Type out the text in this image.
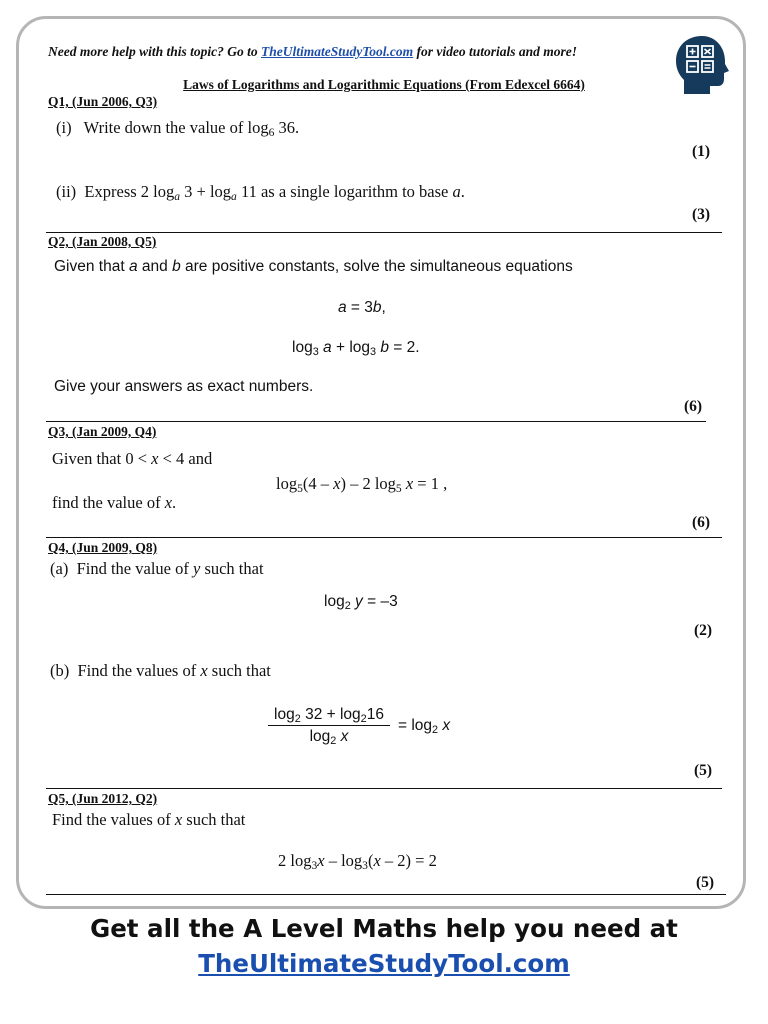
Need more help with this topic? Go to TheUltimateStudyTool.com for video tutorials and more!
Laws of Logarithms and Logarithmic Equations (From Edexcel 6664)
Q1, (Jun 2006, Q3)
(i) Write down the value of $\log_6 36$.
(1)
(ii) Express 2 $\log_a 3 + \log_a 11$ as a single logarithm to base a.
(3)
Q2, (Jan 2008, Q5)
Given that a and b are positive constants, solve the simultaneous equations
a = 3b,
$\log_3 a + \log_3 b = 2$.
Give your answers as exact numbers.
(6)
Q3, (Jan 2009, Q4)
Given that 0 < x < 4 and
$\log_5(4 - x) - 2$ $\log_5 x = 1$ ,
find the value of x.
(6)
Q4, (Jun 2009, Q8)
(a) Find the value of y such that
$\log_2 y = -3$
(2)
(b) Find the values of x such that
$\frac{\log_2 32 + \log_216}{\log_2 x} = \log_2 x$
(5)
Q5, (Jun 2012, Q2)
Find the values of x such that
2 $\log_3x - \log_3(x - 2) = 2$
(5)
Get all the A Level Maths help you need at
TheUltimateStudyTool.com
